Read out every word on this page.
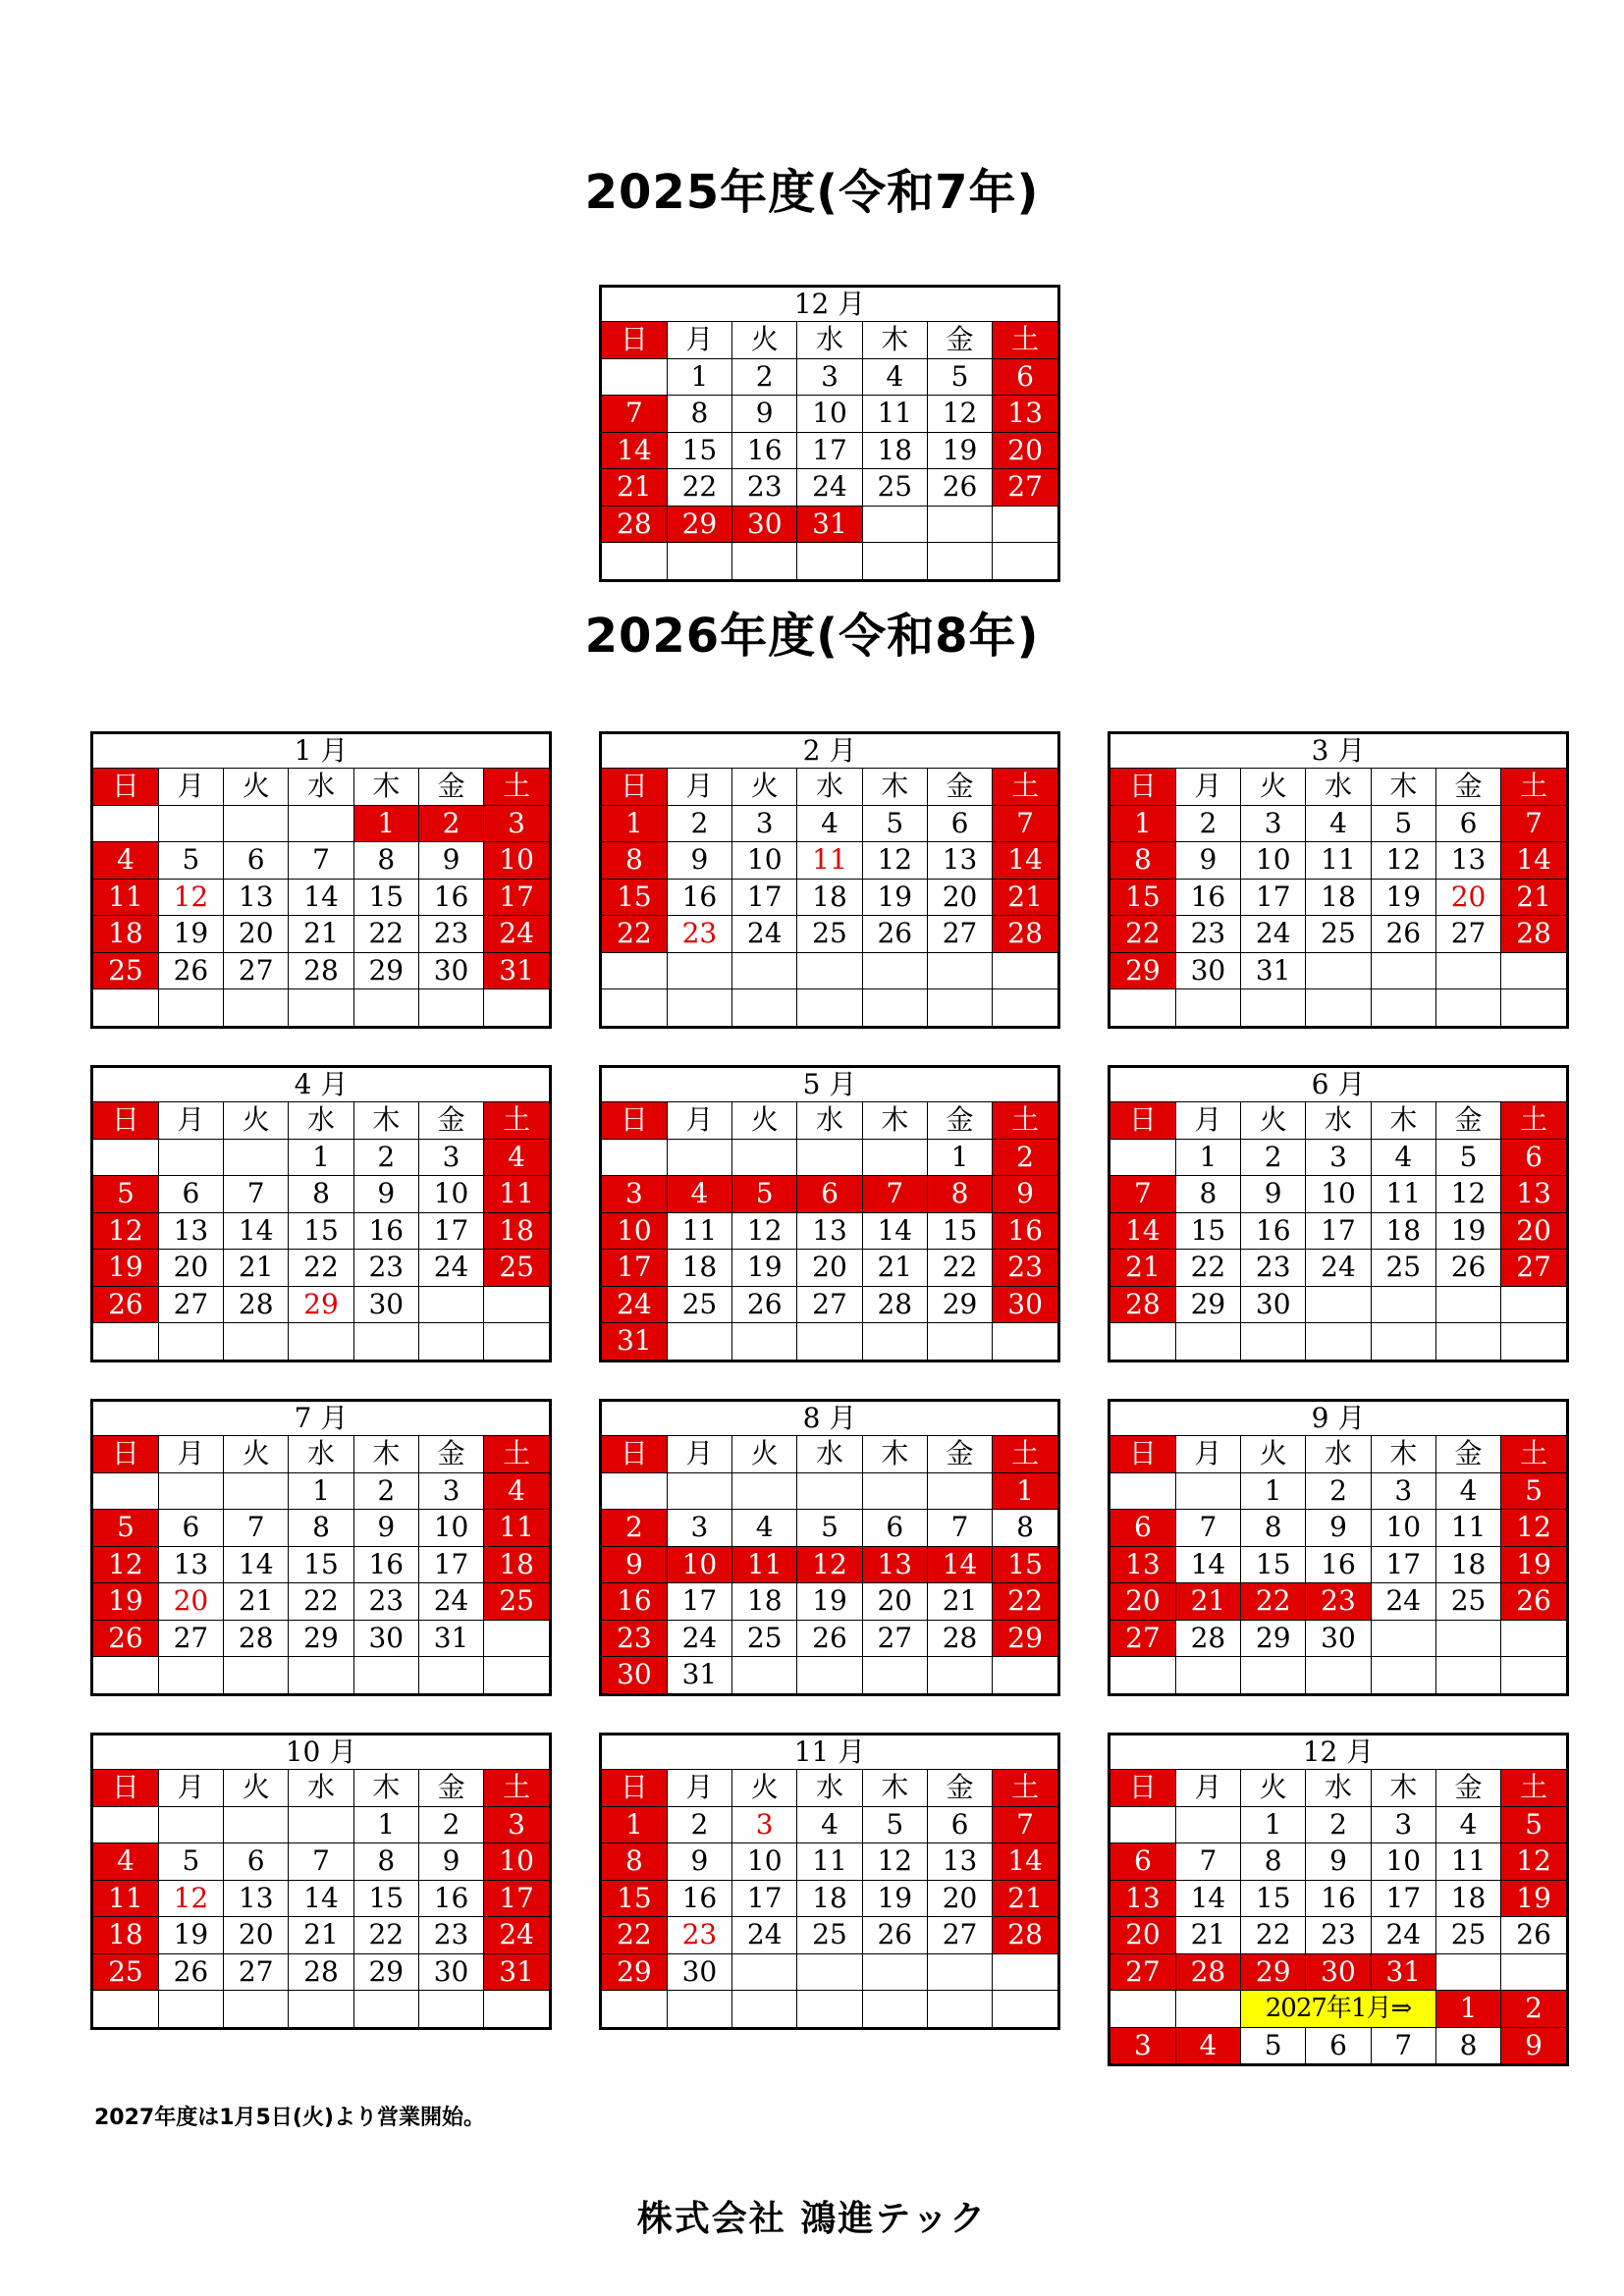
2025年度(令和7年)
2026年度(令和8年)
12 月						
日	月	火	水	木	金	土
	1	2	3	4	5	6
7	8	9	10	11	12	13
14	15	16	17	18	19	20
21	22	23	24	25	26	27
28	29	30	31			

1 月						
日	月	火	水	木	金	土
				1	2	3
4	5	6	7	8	9	10
11	12	13	14	15	16	17
18	19	20	21	22	23	24
25	26	27	28	29	30	31

2 月						
日	月	火	水	木	金	土
1	2	3	4	5	6	7
8	9	10	11	12	13	14
15	16	17	18	19	20	21
22	23	24	25	26	27	28

3 月						
日	月	火	水	木	金	土
1	2	3	4	5	6	7
8	9	10	11	12	13	14
15	16	17	18	19	20	21
22	23	24	25	26	27	28
29	30	31				

4 月						
日	月	火	水	木	金	土
			1	2	3	4
5	6	7	8	9	10	11
12	13	14	15	16	17	18
19	20	21	22	23	24	25
26	27	28	29	30		

5 月						
日	月	火	水	木	金	土
					1	2
3	4	5	6	7	8	9
10	11	12	13	14	15	16
17	18	19	20	21	22	23
24	25	26	27	28	29	30
31						
6 月						
日	月	火	水	木	金	土
	1	2	3	4	5	6
7	8	9	10	11	12	13
14	15	16	17	18	19	20
21	22	23	24	25	26	27
28	29	30				

7 月						
日	月	火	水	木	金	土
			1	2	3	4
5	6	7	8	9	10	11
12	13	14	15	16	17	18
19	20	21	22	23	24	25
26	27	28	29	30	31	

8 月						
日	月	火	水	木	金	土
						1
2	3	4	5	6	7	8
9	10	11	12	13	14	15
16	17	18	19	20	21	22
23	24	25	26	27	28	29
30	31					
9 月						
日	月	火	水	木	金	土
		1	2	3	4	5
6	7	8	9	10	11	12
13	14	15	16	17	18	19
20	21	22	23	24	25	26
27	28	29	30			

10 月						
日	月	火	水	木	金	土
				1	2	3
4	5	6	7	8	9	10
11	12	13	14	15	16	17
18	19	20	21	22	23	24
25	26	27	28	29	30	31

11 月						
日	月	火	水	木	金	土
1	2	3	4	5	6	7
8	9	10	11	12	13	14
15	16	17	18	19	20	21
22	23	24	25	26	27	28
29	30					

12 月						
日	月	火	水	木	金	土
		1	2	3	4	5
6	7	8	9	10	11	12
13	14	15	16	17	18	19
20	21	22	23	24	25	26
27	28	29	30	31		
		2027年1月⇒			1	2
3	4	5	6	7	8	9
2027年度は1月5日(火)より営業開始。
株式会社 鴻進テック
